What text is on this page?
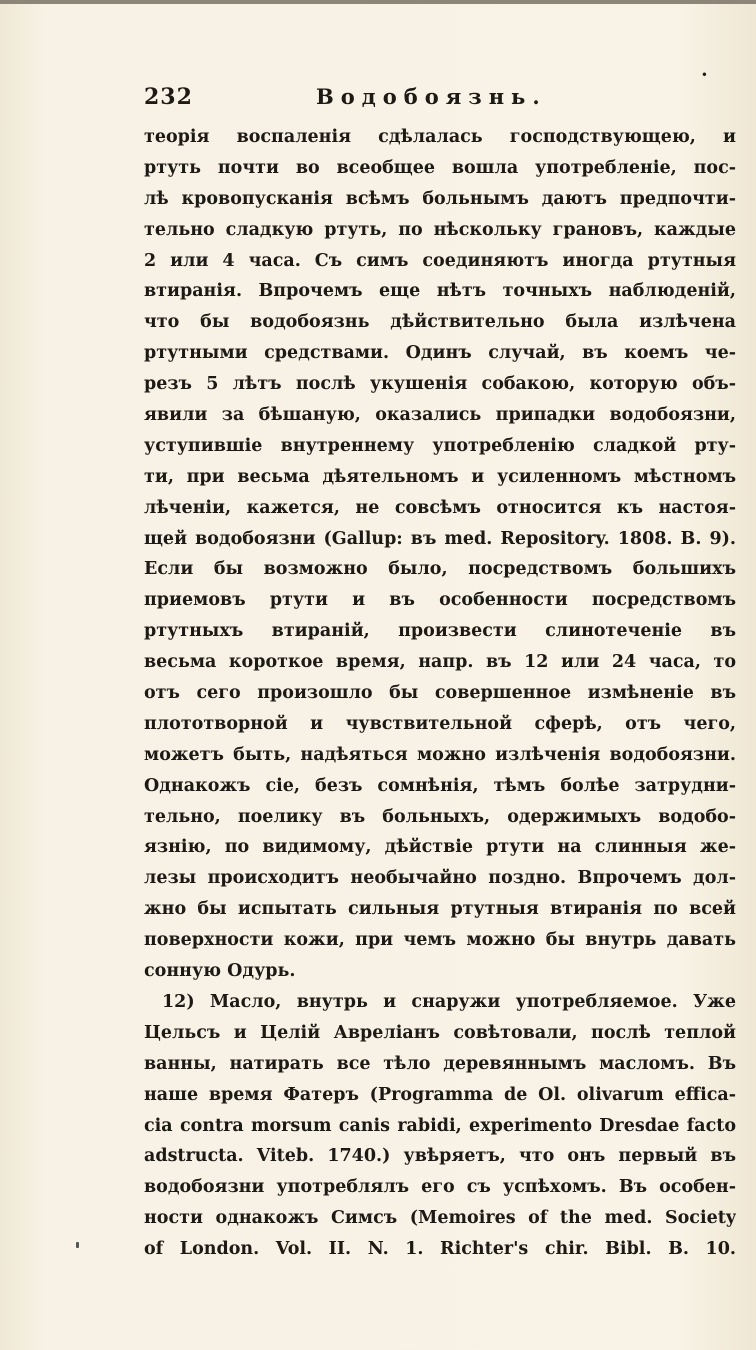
232	Водобоязнь.
•
теорія воспаленія сдѣлалась господствующею, и
ртуть почти во всеобщее вошла употребленіе, пос-
лѣ кровопусканія всѣмъ больнымъ даютъ предпочти-
тельно сладкую ртуть, по нѣскольку грановъ, каждые
2 или 4 часа. Съ симъ соединяютъ иногда ртутныя
втиранія. Впрочемъ еще нѣтъ точныхъ наблюденій,
что бы водобоязнь дѣйствительно была излѣчена
ртутными средствами. Одинъ случай, въ коемъ че-
резъ 5 лѣтъ послѣ укушенія собакою, которую объ-
явили за бѣшаную, оказались припадки водобоязни,
уступившіе внутреннему употребленію сладкой рту-
ти, при весьма дѣятельномъ и усиленномъ мѣстномъ
лѣченіи, кажется, не совсѣмъ относится къ настоя-
щей водобоязни (Gallup: въ med. Repository. 1808. B. 9).
Если бы возможно было, посредствомъ большихъ
приемовъ ртути и въ особенности посредствомъ
ртутныхъ втираній, произвести слинотеченіе въ
весьма короткое время, напр. въ 12 или 24 часа, то
отъ сего произошло бы совершенное измѣненіе въ
плототворной и чувствительной сферѣ, отъ чего,
можетъ быть, надѣяться можно излѣченія водобоязни.
Однакожъ сіе, безъ сомнѣнія, тѣмъ болѣе затрудни-
тельно, поелику въ больныхъ, одержимыхъ водобо-
язнію, по видимому, дѣйствіе ртути на слинныя же-
лезы происходитъ необычайно поздно. Впрочемъ дол-
жно бы испытать сильныя ртутныя втиранія по всей
поверхности кожи, при чемъ можно бы внутрь давать
сонную Одурь.
12) Масло, внутрь и снаружи употребляемое. Уже
Цельсъ и Целій Авреліанъ совѣтовали, послѣ теплой
ванны, натирать все тѣло деревяннымъ масломъ. Въ
наше время Фатеръ (Programma de Ol. olivarum effica-
cia contra morsum canis rabidi, experimento Dresdae facto
adstructa. Viteb. 1740.) увѣряетъ, что онъ первый въ
водобоязни употреблялъ его съ успѣхомъ. Въ особен-
ности однакожъ Симсъ (Memoires of the med. Society
of London. Vol. II. N. 1. Richter's chir. Bibl. B. 10.
